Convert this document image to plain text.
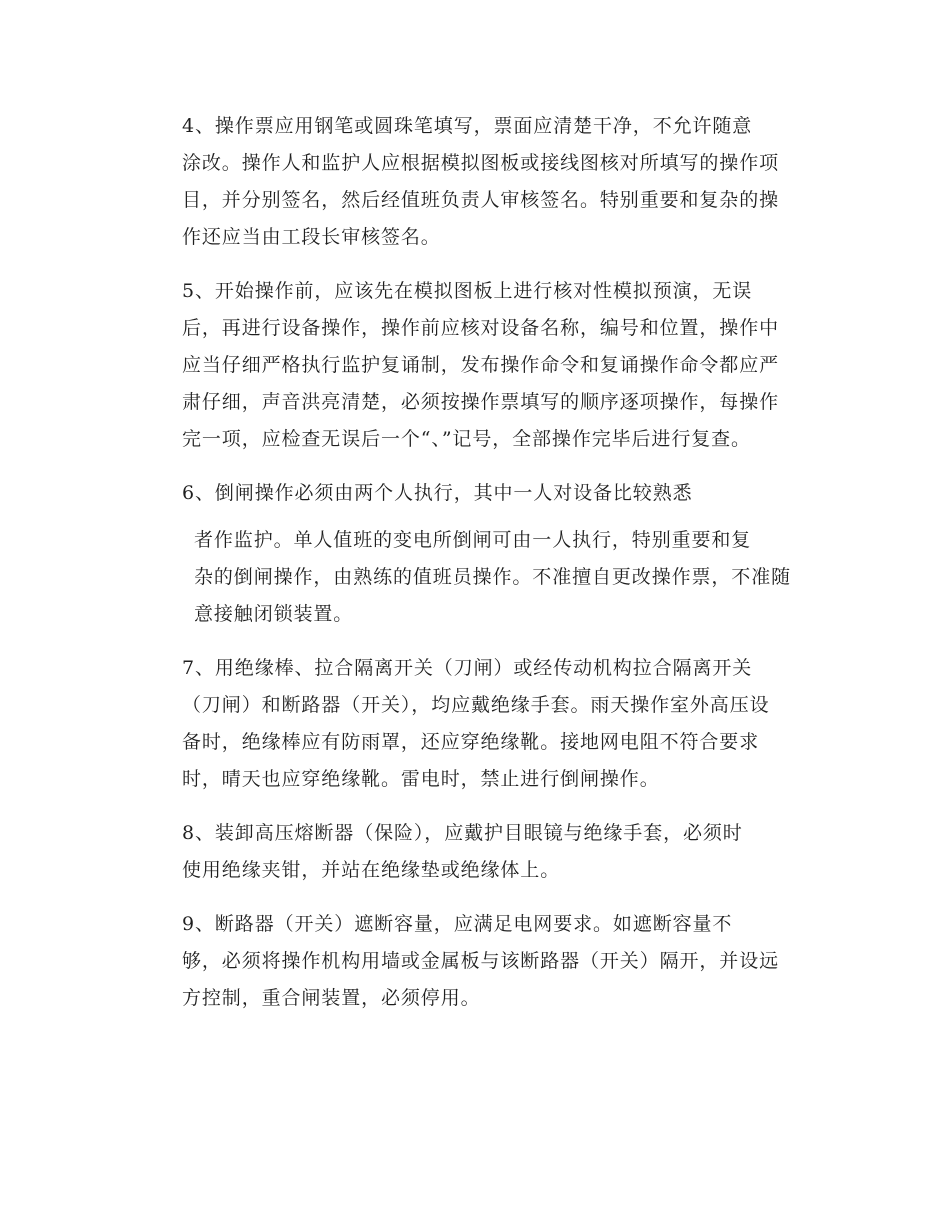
4、操作票应用钢笔或圆珠笔填写，票面应清楚干净，不允许随意
涂改。操作人和监护人应根据模拟图板或接线图核对所填写的操作项
目，并分别签名，然后经值班负责人审核签名。特别重要和复杂的操
作还应当由工段长审核签名。

5、开始操作前，应该先在模拟图板上进行核对性模拟预演，无误
后，再进行设备操作，操作前应核对设备名称，编号和位置，操作中
应当仔细严格执行监护复诵制，发布操作命令和复诵操作命令都应严
肃仔细，声音洪亮清楚，必须按操作票填写的顺序逐项操作，每操作
完一项，应检查无误后一个“、”记号，全部操作完毕后进行复查。

6、倒闸操作必须由两个人执行，其中一人对设备比较熟悉

者作监护。单人值班的变电所倒闸可由一人执行，特别重要和复
杂的倒闸操作，由熟练的值班员操作。不准擅自更改操作票，不准随
意接触闭锁装置。

7、用绝缘棒、拉合隔离开关（刀闸）或经传动机构拉合隔离开关
（刀闸）和断路器（开关），均应戴绝缘手套。雨天操作室外高压设
备时，绝缘棒应有防雨罩，还应穿绝缘靴。接地网电阻不符合要求
时，晴天也应穿绝缘靴。雷电时，禁止进行倒闸操作。

8、装卸高压熔断器（保险），应戴护目眼镜与绝缘手套，必须时
使用绝缘夹钳，并站在绝缘垫或绝缘体上。

9、断路器（开关）遮断容量，应满足电网要求。如遮断容量不
够，必须将操作机构用墙或金属板与该断路器（开关）隔开，并设远
方控制，重合闸装置，必须停用。
